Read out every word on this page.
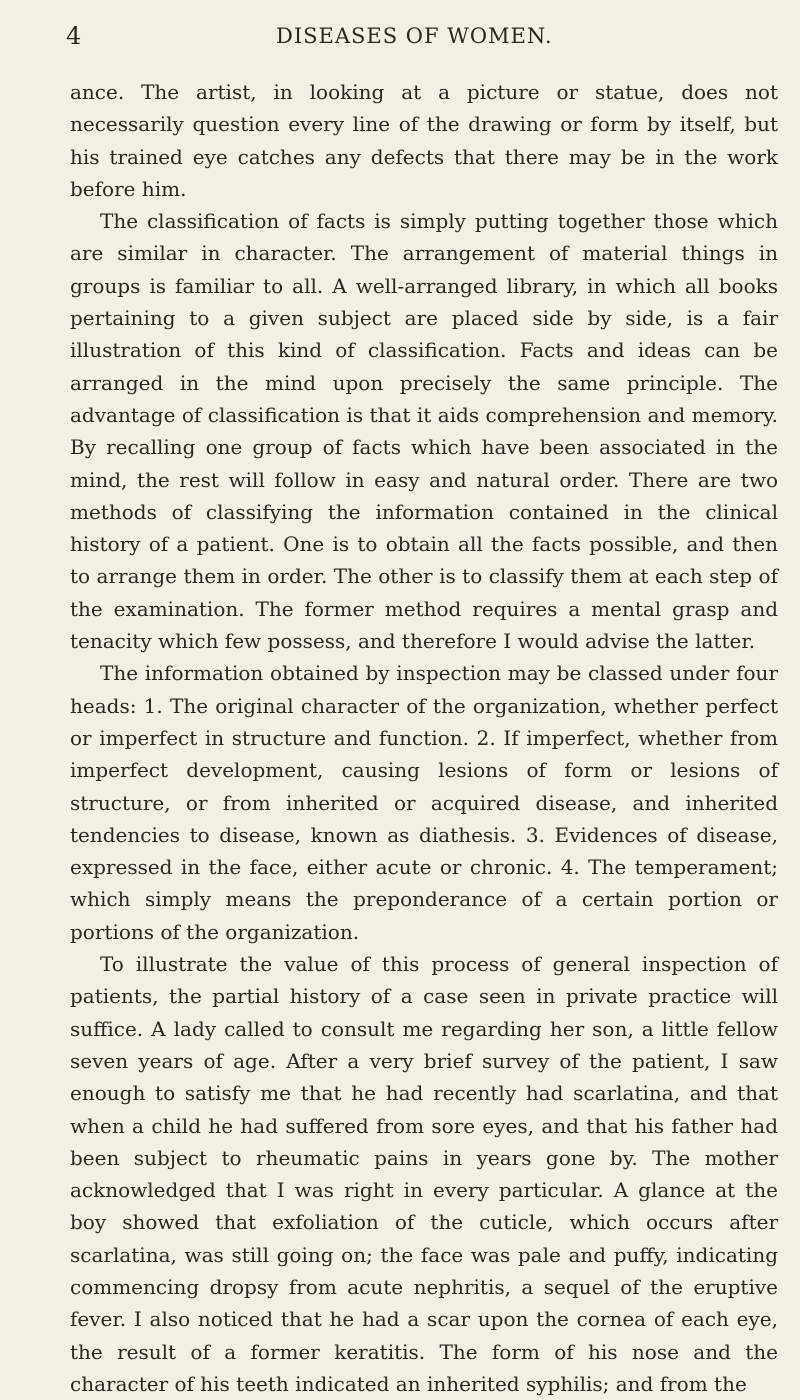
4	DISEASES OF WOMEN.

ance. The artist, in looking at a picture or statue, does not necessarily question every line of the drawing or form by itself, but his trained eye catches any defects that there may be in the work before him.

The classification of facts is simply putting together those which are similar in character. The arrangement of material things in groups is familiar to all. A well-arranged library, in which all books pertaining to a given subject are placed side by side, is a fair illustration of this kind of classification. Facts and ideas can be arranged in the mind upon precisely the same principle. The advantage of classification is that it aids comprehension and memory. By recalling one group of facts which have been associated in the mind, the rest will follow in easy and natural order. There are two methods of classifying the information contained in the clinical history of a patient. One is to obtain all the facts possible, and then to arrange them in order. The other is to classify them at each step of the examination. The former method requires a mental grasp and tenacity which few possess, and therefore I would advise the latter.

The information obtained by inspection may be classed under four heads: 1. The original character of the organization, whether perfect or imperfect in structure and function. 2. If imperfect, whether from imperfect development, causing lesions of form or lesions of structure, or from inherited or acquired disease, and inherited tendencies to disease, known as diathesis. 3. Evidences of disease, expressed in the face, either acute or chronic. 4. The temperament; which simply means the preponderance of a certain portion or portions of the organization.

To illustrate the value of this process of general inspection of patients, the partial history of a case seen in private practice will suffice. A lady called to consult me regarding her son, a little fellow seven years of age. After a very brief survey of the patient, I saw enough to satisfy me that he had recently had scarlatina, and that when a child he had suffered from sore eyes, and that his father had been subject to rheumatic pains in years gone by. The mother acknowledged that I was right in every particular. A glance at the boy showed that exfoliation of the cuticle, which occurs after scarlatina, was still going on; the face was pale and puffy, indicating commencing dropsy from acute nephritis, a sequel of the eruptive fever. I also noticed that he had a scar upon the cornea of each eye, the result of a former keratitis. The form of his nose and the character of his teeth indicated an inherited syphilis; and from the
